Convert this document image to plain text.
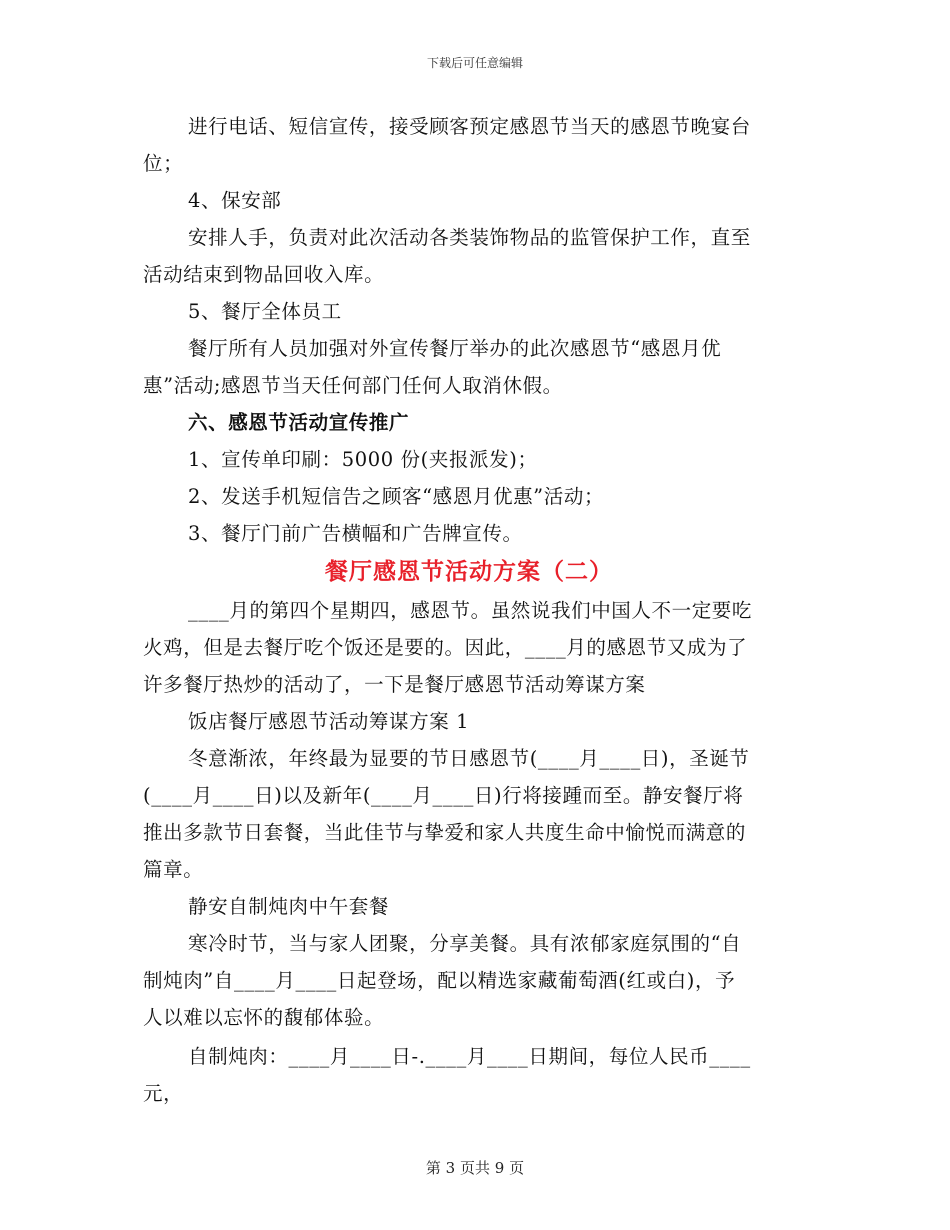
下载后可任意编辑
进行电话、短信宣传，接受顾客预定感恩节当天的感恩节晚宴台
位；
4、保安部
安排人手，负责对此次活动各类装饰物品的监管保护工作，直至
活动结束到物品回收入库。
5、餐厅全体员工
餐厅所有人员加强对外宣传餐厅举办的此次感恩节“感恩月优
惠”活动;感恩节当天任何部门任何人取消休假。
六、感恩节活动宣传推广
1、宣传单印刷：5000 份(夹报派发)；
2、发送手机短信告之顾客“感恩月优惠”活动；
3、餐厅门前广告横幅和广告牌宣传。
餐厅感恩节活动方案（二）
____月的第四个星期四，感恩节。虽然说我们中国人不一定要吃
火鸡，但是去餐厅吃个饭还是要的。因此，____月的感恩节又成为了
许多餐厅热炒的活动了，一下是餐厅感恩节活动筹谋方案
饭店餐厅感恩节活动筹谋方案 1
冬意渐浓，年终最为显要的节日感恩节(____月____日)，圣诞节
(____月____日)以及新年(____月____日)行将接踵而至。静安餐厅将
推出多款节日套餐，当此佳节与挚爱和家人共度生命中愉悦而满意的
篇章。
静安自制炖肉中午套餐
寒冷时节，当与家人团聚，分享美餐。具有浓郁家庭氛围的“自
制炖肉”自____月____日起登场，配以精选家藏葡萄酒(红或白)，予
人以难以忘怀的馥郁体验。
自制炖肉：____月____日-.____月____日期间，每位人民币____
元，
第 3 页共 9 页
